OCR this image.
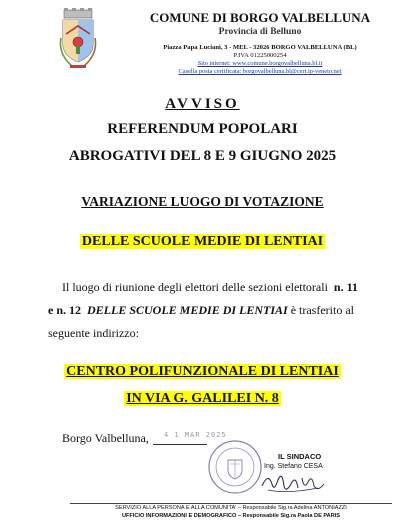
COMUNE DI BORGO VALBELLUNA
Provincia di Belluno
Piazza Papa Luciani, 3 - MEL - 32026 BORGO VALBELLUNA (BL)
P.IVA 01225000254
Sito internet: www.comune.borgovalbelluna.bl.it
Casella posta certificata: borgovalbelluna.bl@cert.ip-veneto.net
AVVISO
REFERENDUM POPOLARI
ABROGATIVI DEL 8 E 9 GIUGNO 2025
VARIAZIONE LUOGO DI VOTAZIONE
DELLE SCUOLE MEDIE DI LENTIAI
Il luogo di riunione degli elettori delle sezioni elettorali n. 11
e n. 12 DELLE SCUOLE MEDIE DI LENTIAI è trasferito al
seguente indirizzo:
CENTRO POLIFUNZIONALE DI LENTIAI
IN VIA G. GALILEI N. 8
Borgo Valbelluna, 4 1 MAR 2025
IL SINDACO
Ing. Stefano CESA
SERVIZIO ALLA PERSONA E ALLA COMUNITA' – Responsabile Sig.ra Adelina ANTONIAZZI
UFFICIO INFORMAZIONI E DEMOGRAFICO – Responsabile Sig.ra Paola DE PARIS
